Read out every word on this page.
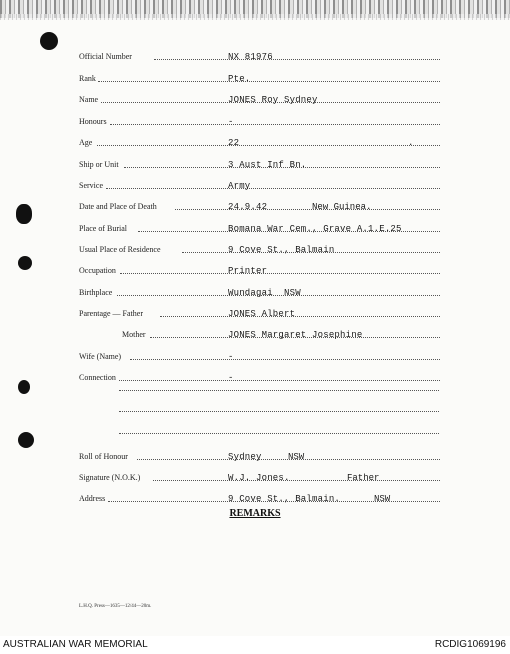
Official Number	NX 81976
Rank	Pte.
Name	JONES Roy Sydney
Honours	-
Age	22	.
Ship or Unit	3 Aust Inf Bn.
Service	Army
Date and Place of Death	24.9.42	New Guinea.
Place of Burial	Bomana War Cem., Grave A.1.E.25
Usual Place of Residence	9 Cove St., Balmain
Occupation	Printer
Birthplace	Wundagai  NSW
Parentage — Father	JONES Albert
Mother	JONES Margaret Josephine
Wife (Name)	-
Connection	-
Roll of Honour	Sydney	NSW
Signature (N.O.K.)	W.J. Jones.	Father
Address	9 Cove St., Balmain.	NSW
REMARKS
L.H.Q. Press—1635—12/44—20m.
AUSTRALIAN WAR MEMORIAL	RCDIG1069196
